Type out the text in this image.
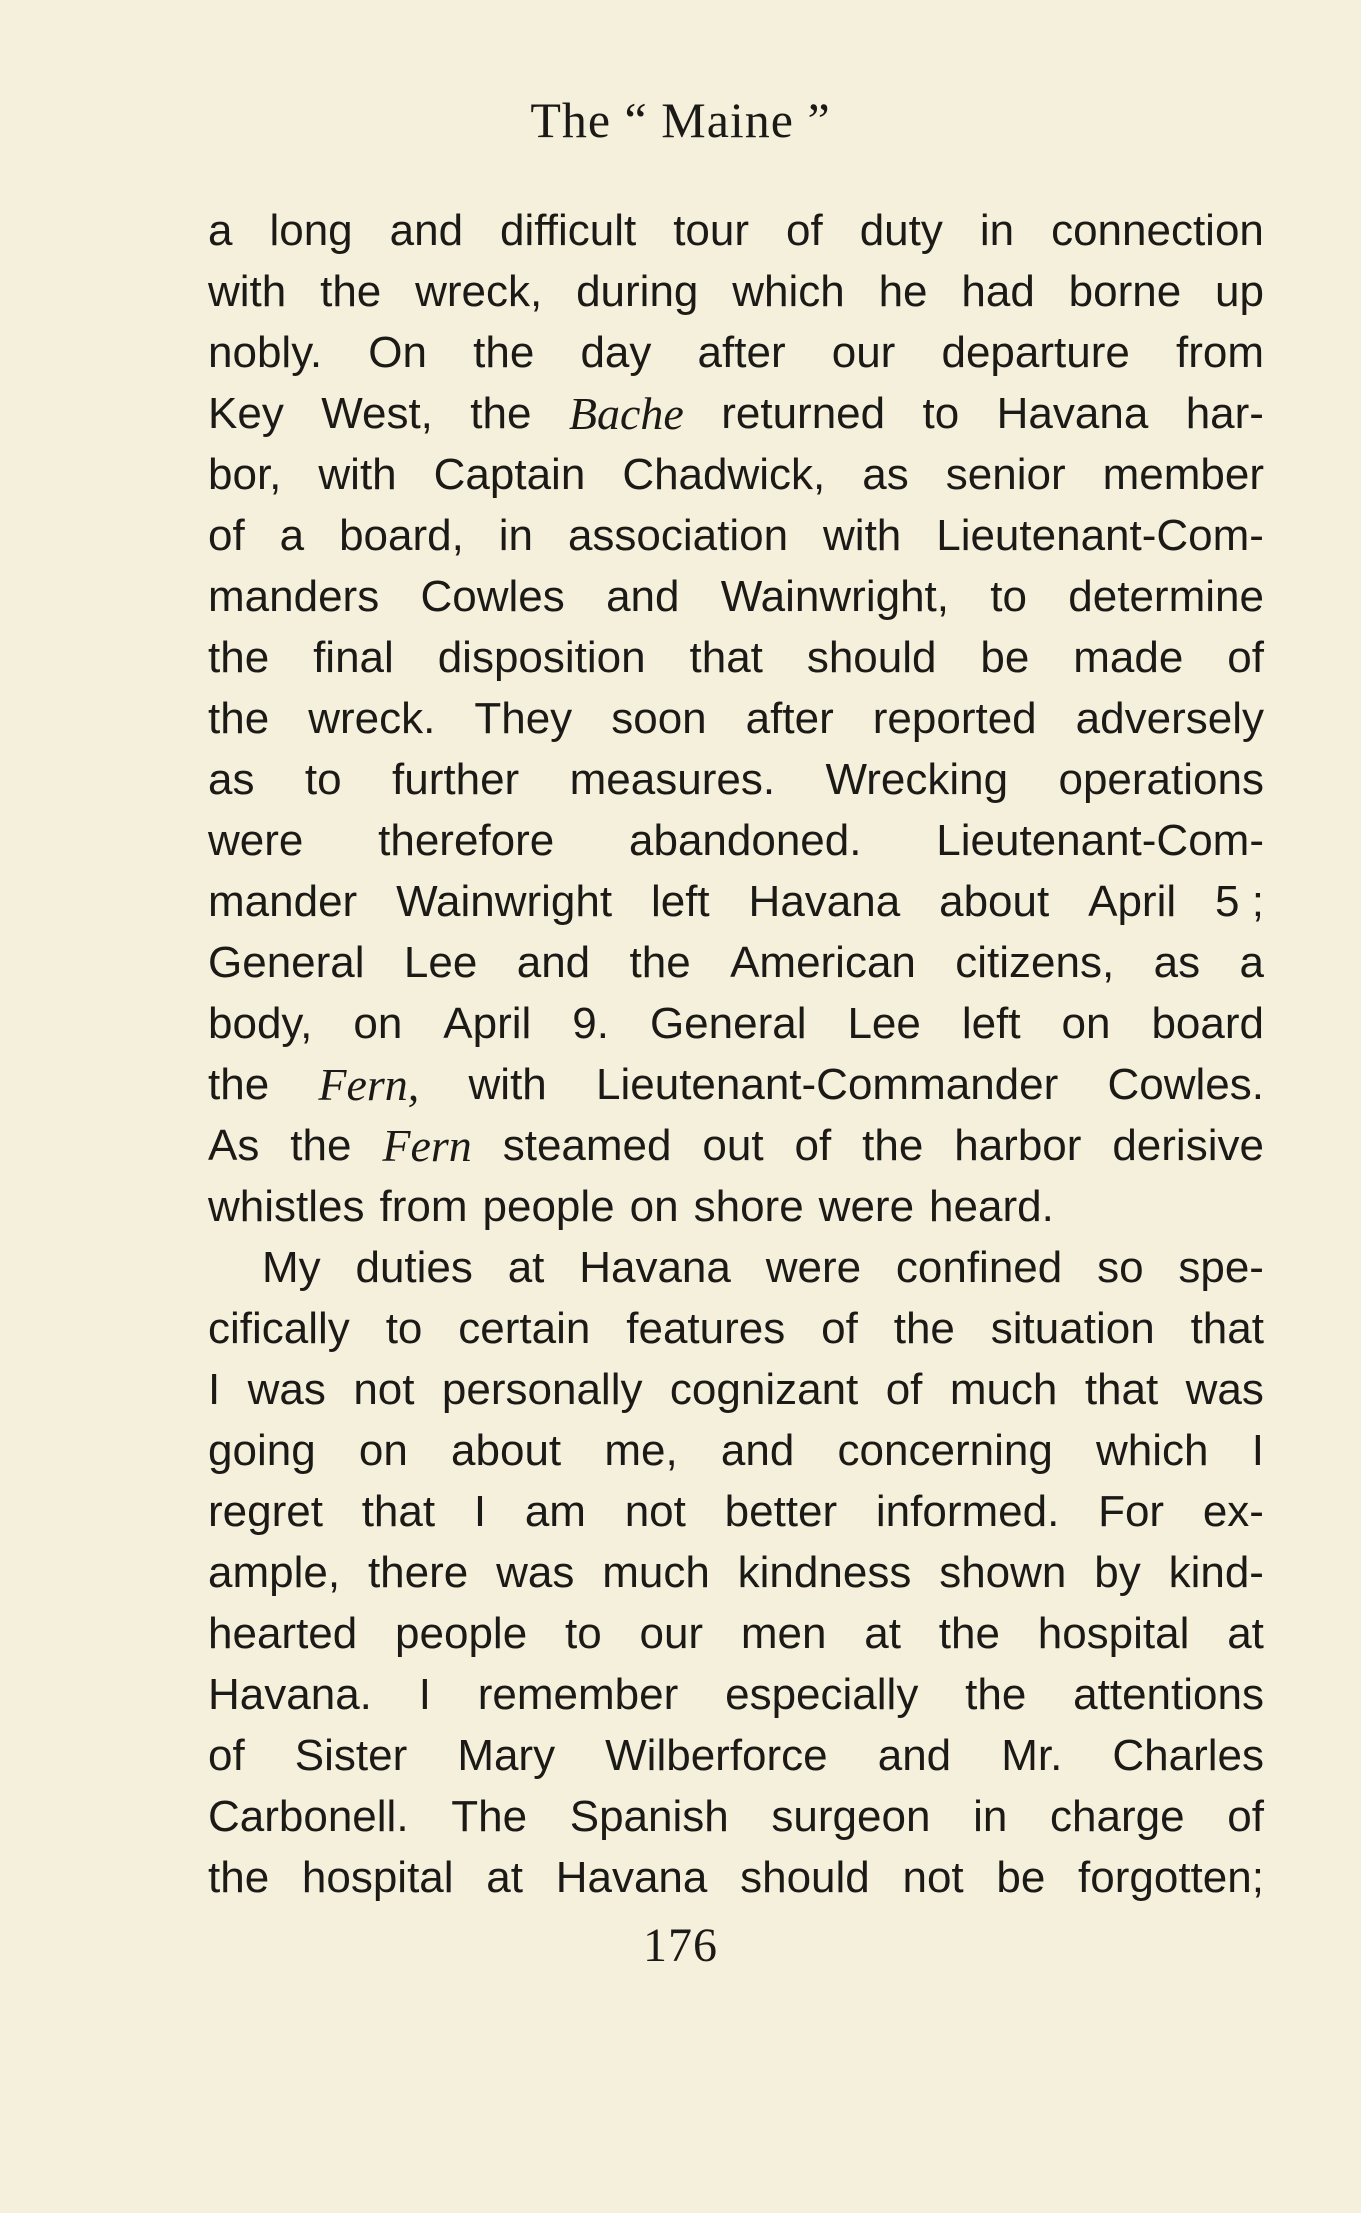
The “ Maine ”
a long and difficult tour of duty in connection
with the wreck, during which he had borne up
nobly. On the day after our departure from
Key West, the Bache returned to Havana har-
bor, with Captain Chadwick, as senior member
of a board, in association with Lieutenant-Com-
manders Cowles and Wainwright, to determine
the final disposition that should be made of
the wreck. They soon after reported adversely
as to further measures. Wrecking operations
were therefore abandoned. Lieutenant-Com-
mander Wainwright left Havana about April 5 ;
General Lee and the American citizens, as a
body, on April 9. General Lee left on board
the Fern, with Lieutenant-Commander Cowles.
As the Fern steamed out of the harbor derisive
whistles from people on shore were heard.
My duties at Havana were confined so spe-
cifically to certain features of the situation that
I was not personally cognizant of much that was
going on about me, and concerning which I
regret that I am not better informed. For ex-
ample, there was much kindness shown by kind-
hearted people to our men at the hospital at
Havana. I remember especially the attentions
of Sister Mary Wilberforce and Mr. Charles
Carbonell. The Spanish surgeon in charge of
the hospital at Havana should not be forgotten;
176
